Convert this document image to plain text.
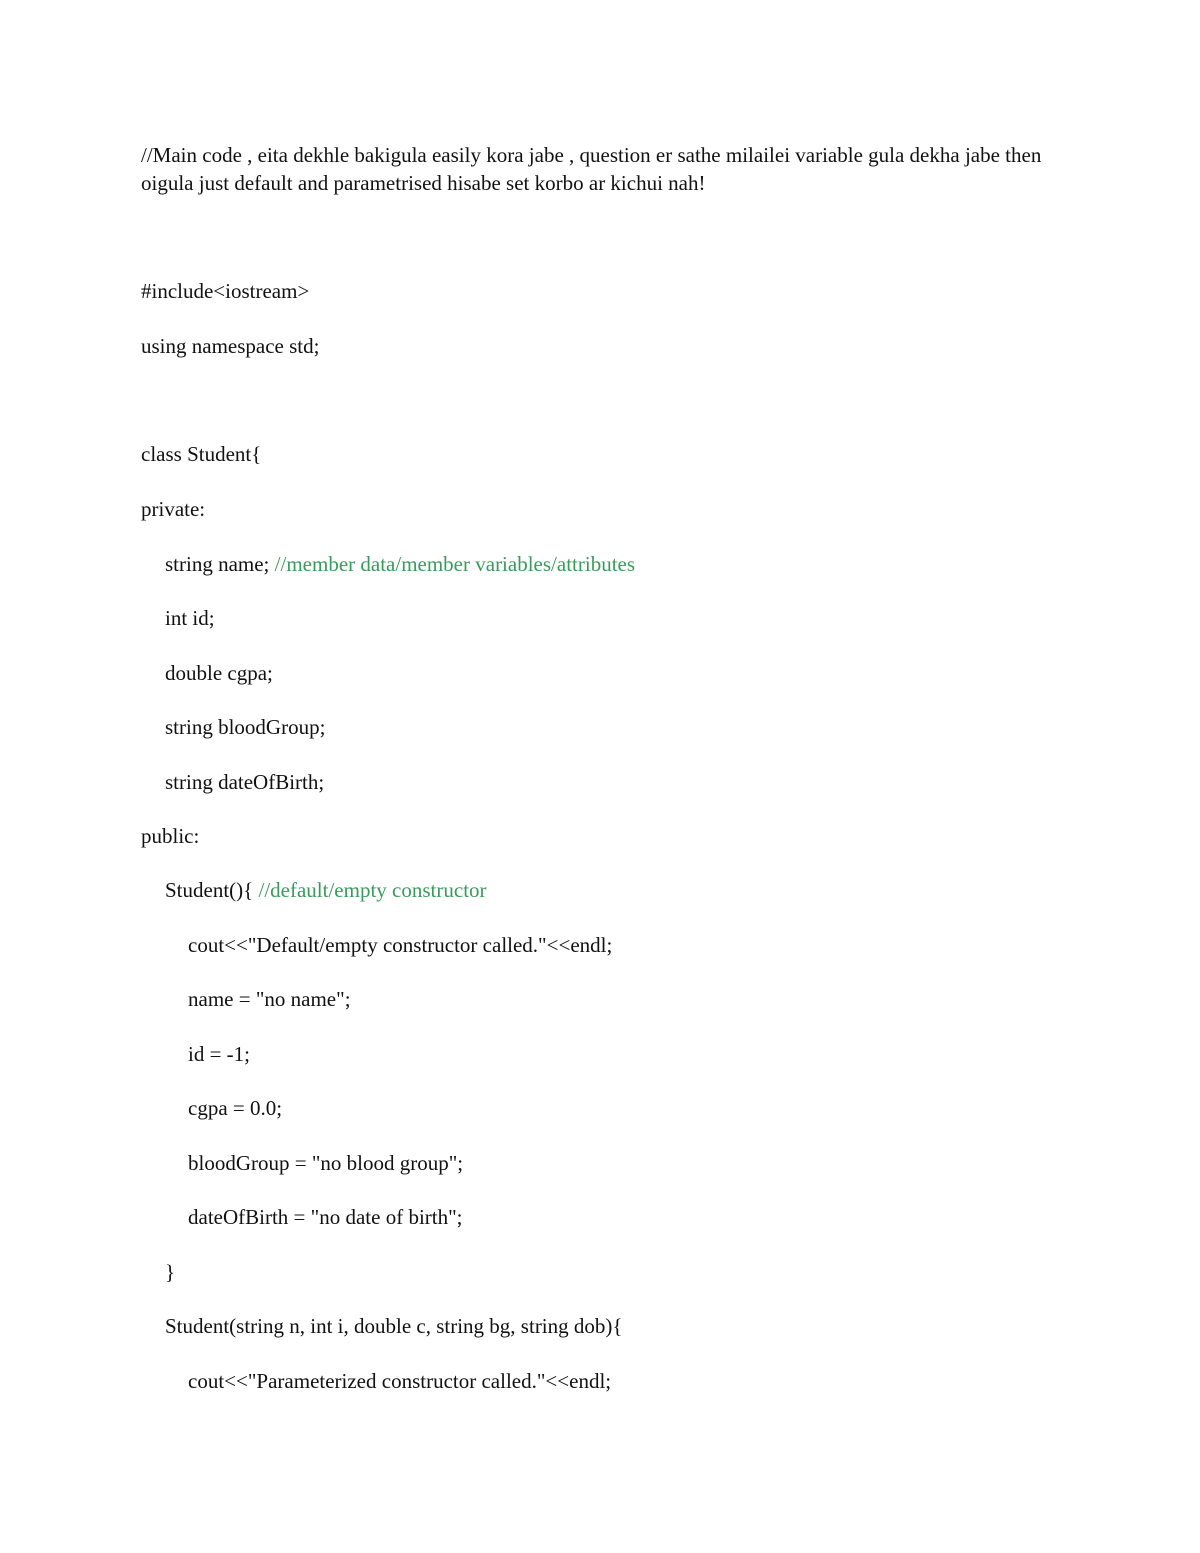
//Main code , eita dekhle bakigula easily kora jabe , question er sathe milailei variable gula dekha jabe then oigula just default and parametrised hisabe set korbo ar kichui nah!

#include<iostream>
using namespace std;
class Student{
private:
string name; //member data/member variables/attributes
int id;
double cgpa;
string bloodGroup;
string dateOfBirth;
public:
Student(){ //default/empty constructor
cout<<"Default/empty constructor called."<<endl;
name = "no name";
id = -1;
cgpa = 0.0;
bloodGroup = "no blood group";
dateOfBirth = "no date of birth";
}
Student(string n, int i, double c, string bg, string dob){
cout<<"Parameterized constructor called."<<endl;
